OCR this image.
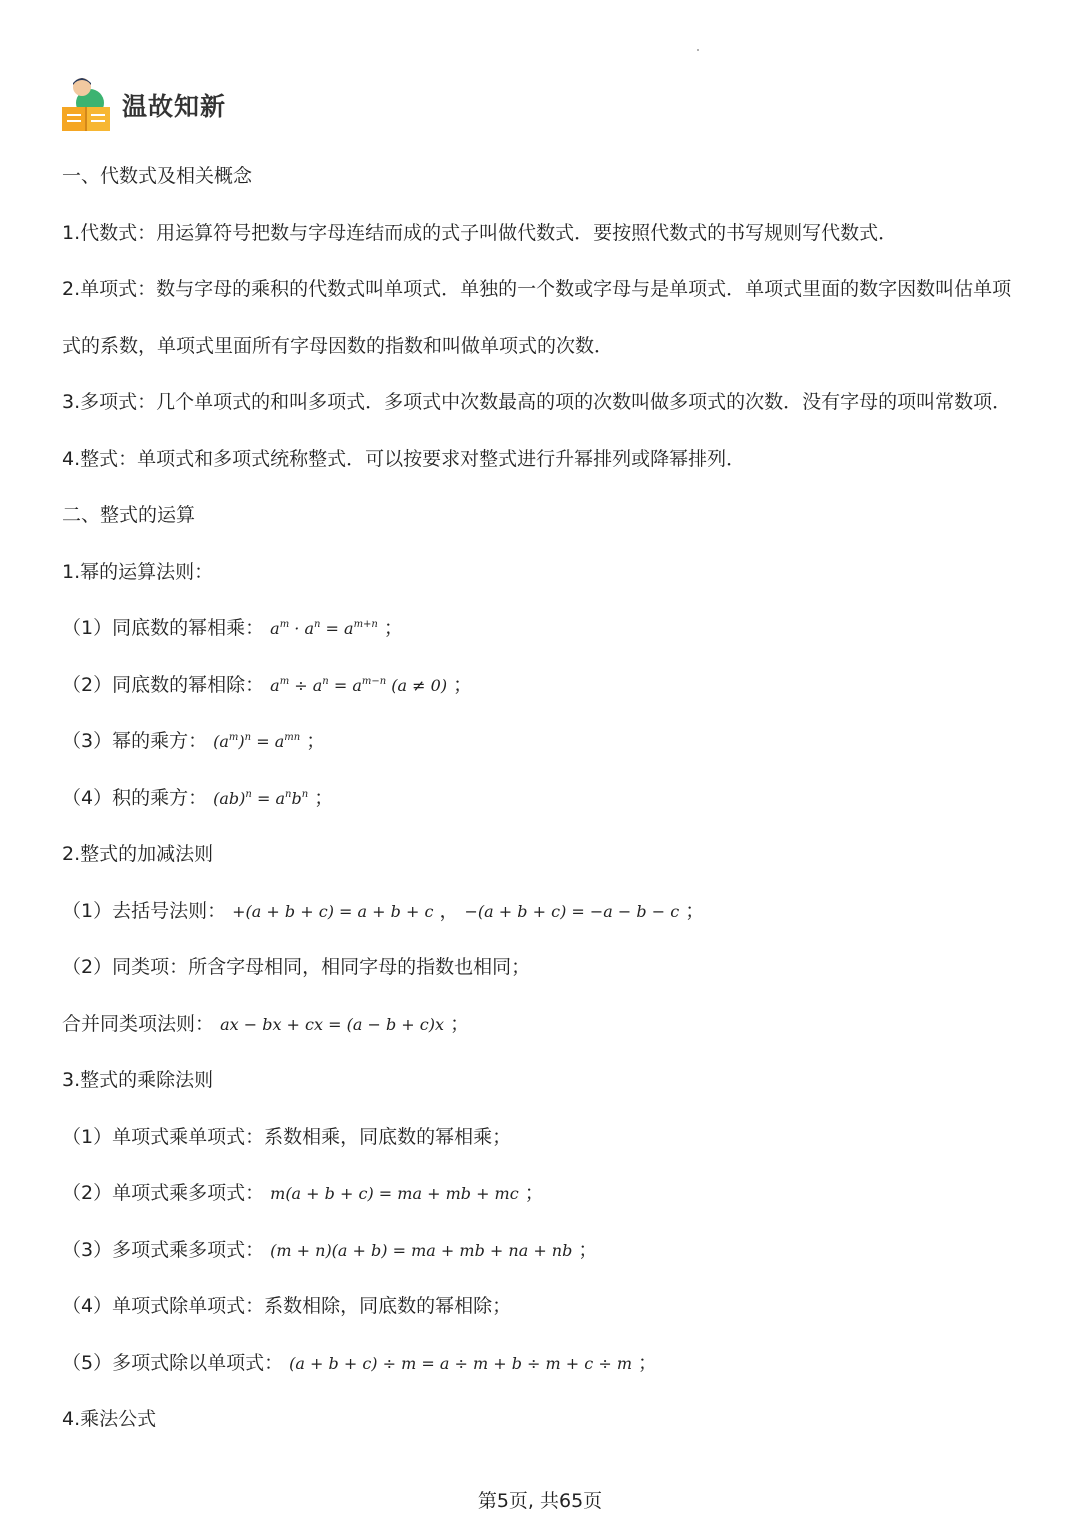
温故知新
一、代数式及相关概念
1.代数式：用运算符号把数与字母连结而成的式子叫做代数式．要按照代数式的书写规则写代数式．
2.单项式：数与字母的乘积的代数式叫单项式．单独的一个数或字母与是单项式．单项式里面的数字因数叫估单项
式的系数，单项式里面所有字母因数的指数和叫做单项式的次数．
3.多项式：几个单项式的和叫多项式．多项式中次数最高的项的次数叫做多项式的次数．没有字母的项叫常数项．
4.整式：单项式和多项式统称整式．可以按要求对整式进行升幂排列或降幂排列．
二、整式的运算
1.幂的运算法则：
（1）同底数的幂相乘： $a^m \cdot a^n = a^{m+n}$ ；
（2）同底数的幂相除： $a^m \div a^n = a^{m-n}$ (a ≠ 0) ；
（3）幂的乘方： $(a^m)^n = a^{mn}$ ；
（4）积的乘方： $(ab)^n = a^nb^n$ ；
2.整式的加减法则
（1）去括号法则： +(a + b + c) = a + b + c ， −(a + b + c) = −a − b − c ；
（2）同类项：所含字母相同，相同字母的指数也相同；
合并同类项法则： ax − bx + cx = (a − b + c)x ；
3.整式的乘除法则
（1）单项式乘单项式：系数相乘，同底数的幂相乘；
（2）单项式乘多项式： m(a + b + c) = ma + mb + mc ；
（3）多项式乘多项式： (m + n)(a + b) = ma + mb + na + nb ；
（4）单项式除单项式：系数相除，同底数的幂相除；
（5）多项式除以单项式： (a + b + c) ÷ m = a ÷ m + b ÷ m + c ÷ m ；
4.乘法公式
第5页, 共65页
